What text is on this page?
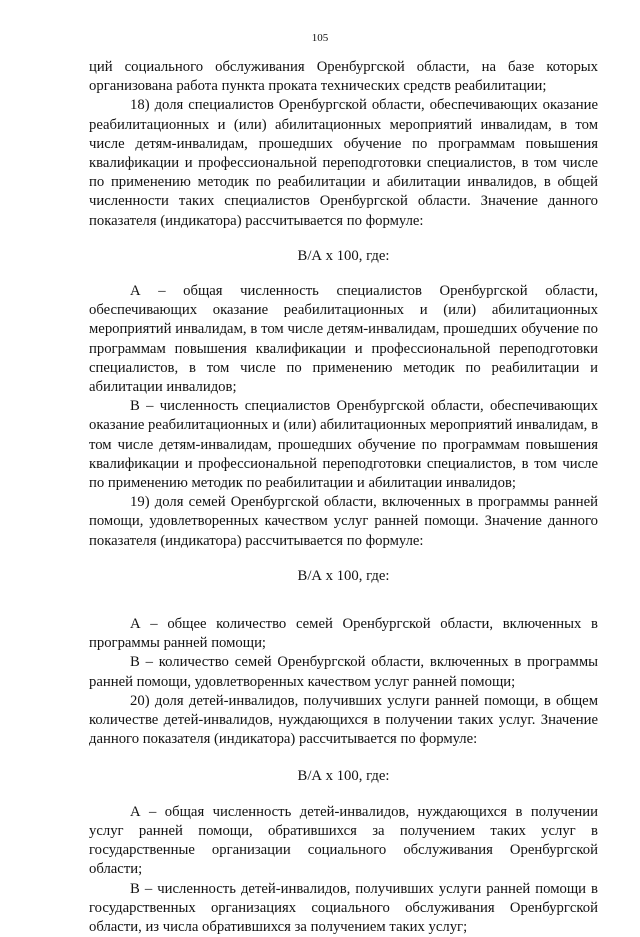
105

ций социального обслуживания Оренбургской области, на базе которых организована работа пункта проката технических средств реабилитации;

18) доля специалистов Оренбургской области, обеспечивающих оказание реабилитационных и (или) абилитационных мероприятий инвалидам, в том числе детям-инвалидам, прошедших обучение по программам повышения квалификации и профессиональной переподготовки специалистов, в том числе по применению методик по реабилитации и абилитации инвалидов, в общей численности таких специалистов Оренбургской области. Значение данного показателя (индикатора) рассчитывается по формуле:

В/А х 100, где:

А – общая численность специалистов Оренбургской области, обеспечивающих оказание реабилитационных и (или) абилитационных мероприятий инвалидам, в том числе детям-инвалидам, прошедших обучение по программам повышения квалификации и профессиональной переподготовки специалистов, в том числе по применению методик по реабилитации и абилитации инвалидов;

В – численность специалистов Оренбургской области, обеспечивающих оказание реабилитационных и (или) абилитационных мероприятий инвалидам, в том числе детям-инвалидам, прошедших обучение по программам повышения квалификации и профессиональной переподготовки специалистов, в том числе по применению методик по реабилитации и абилитации инвалидов;

19) доля семей Оренбургской области, включенных в программы ранней помощи, удовлетворенных качеством услуг ранней помощи. Значение данного показателя (индикатора) рассчитывается по формуле:

В/А х 100, где:

А – общее количество семей Оренбургской области, включенных в программы ранней помощи;

В – количество семей Оренбургской области, включенных в программы ранней помощи, удовлетворенных качеством услуг ранней помощи;

20) доля детей-инвалидов, получивших услуги ранней помощи, в общем количестве детей-инвалидов, нуждающихся в получении таких услуг. Значение данного показателя (индикатора) рассчитывается по формуле:

В/А х 100, где:

А – общая численность детей-инвалидов, нуждающихся в получении услуг ранней помощи, обратившихся за получением таких услуг в государственные организации социального обслуживания Оренбургской области;

В – численность детей-инвалидов, получивших услуги ранней помощи в государственных организациях социального обслуживания Оренбургской области, из числа обратившихся за получением таких услуг;
